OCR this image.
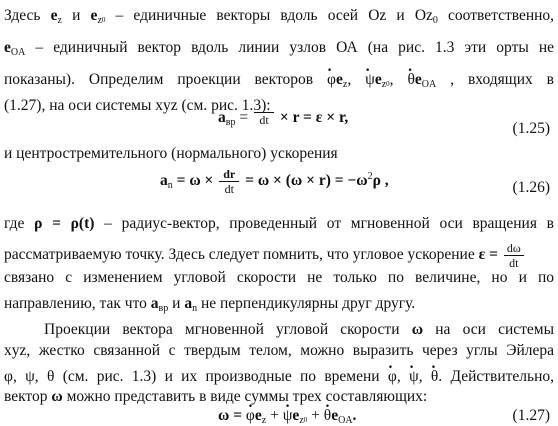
Здесь $e_z$ и $e_z0$ – единичные векторы вдоль осей Oz и $Oz_0$ соответственно,
$e_{OA}$ – единичный вектор вдоль линии узлов ОА (на рис. 1.3 эти орты не
показаны). Определим проекции векторов · $\varphi e_z$, · $\psi e_z0$, · $\theta e_{OA}$ , входящих в
(1.27), на оси системы xyz (см. рис. 1.3):
$a_{вр}$ = dt × r = ε × r,
(1.25)
и центростремительного (нормального) ускорения
$a_n = \omega \times \frac{dr}{dt} = \omega \times (\omega \times r) = -\omega^2\rho$ ,	(1.26)
где ρ = ρ(t) – радиус-вектор, проведенный от мгновенной оси вращения в
рассматриваемую точку. Здесь следует помнить, что угловое ускорение $\varepsilon = \frac{d\omega}{dt}$
связано с изменением угловой скорости не только по величине, но и по
направлению, так что $a_{вр}$ и $a_n$ не перпендикулярны друг другу.
Проекции вектора мгновенной угловой скорости ω на оси системы
xyz, жестко связанной с твердым телом, можно выразить через углы Эйлера
φ, ψ, θ (см. рис. 1.3) и их производные по времени · φ, · ψ, · θ. Действительно,
вектор ω можно представить в виде суммы трех составляющих:
ω = · $\varphi e_z$ + · $\psi e_z0$ + · $\theta e_{OA}$.	(1.27)
